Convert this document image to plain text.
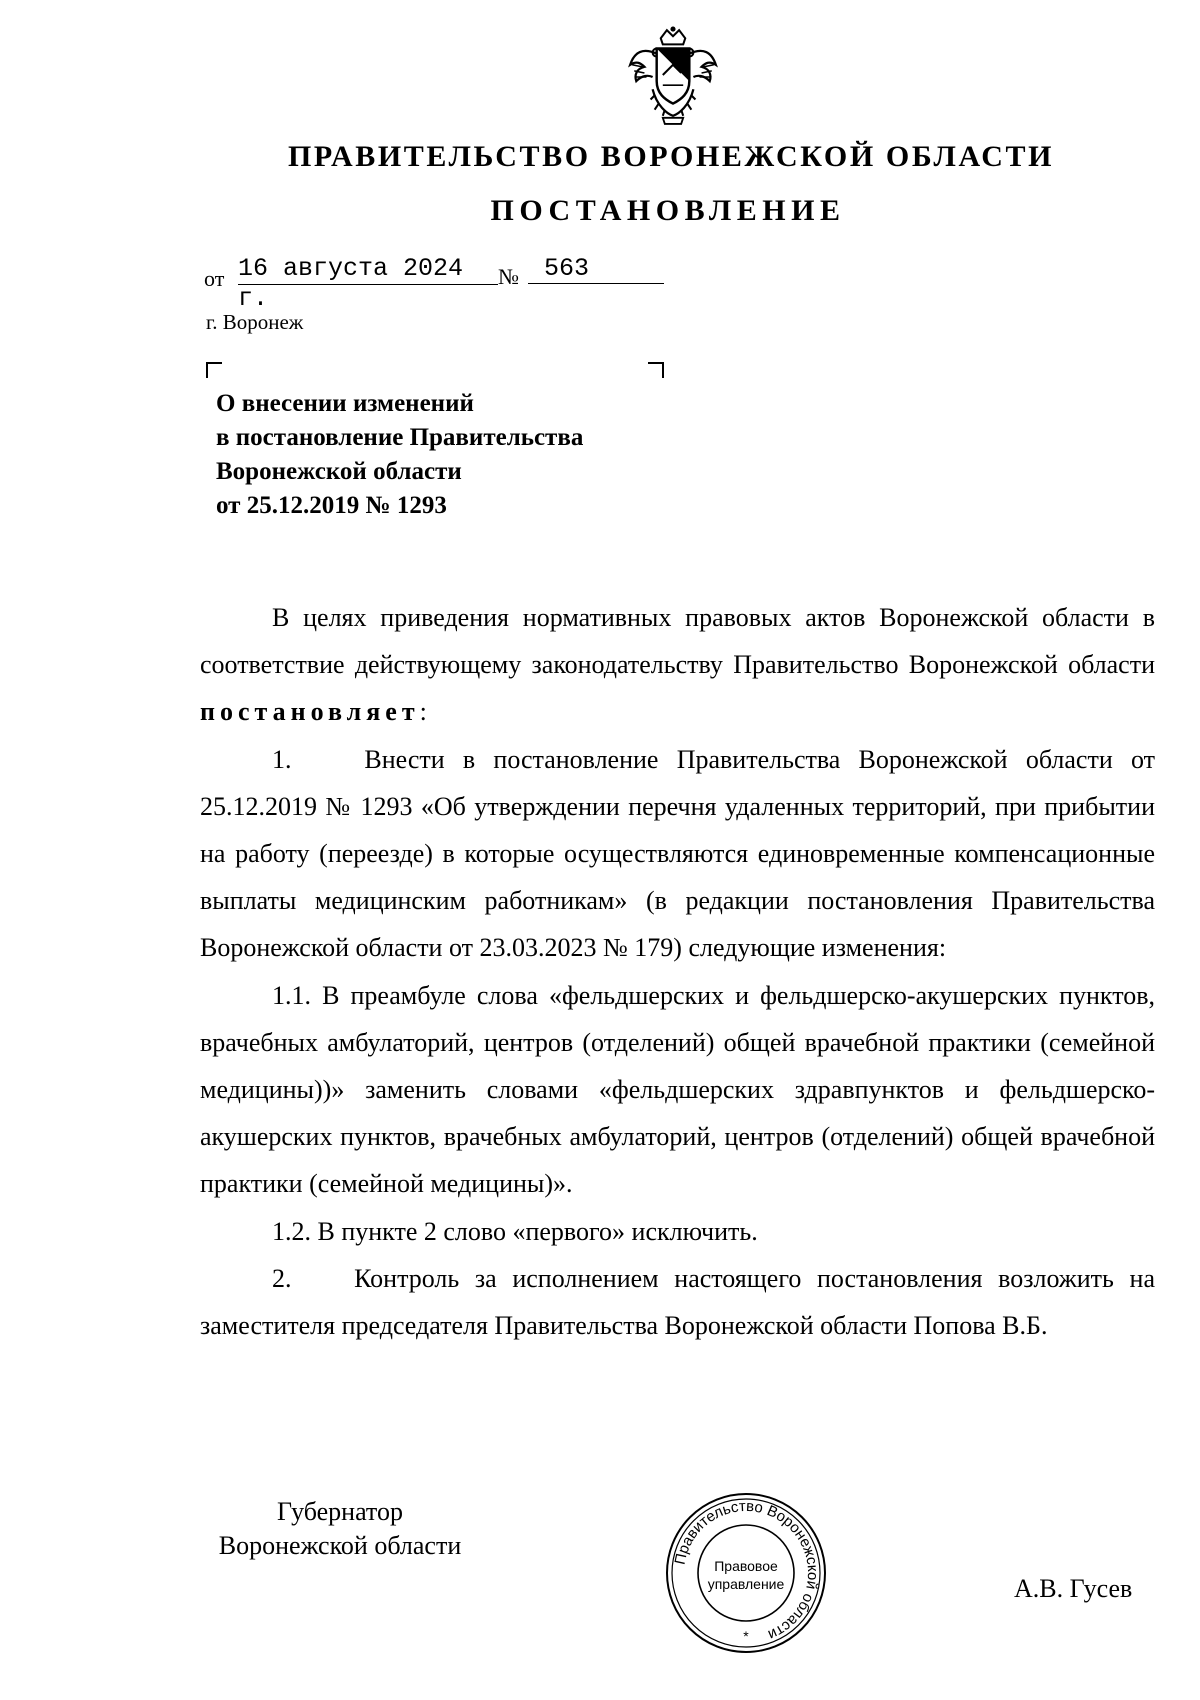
ПРАВИТЕЛЬСТВО ВОРОНЕЖСКОЙ ОБЛАСТИ
ПОСТАНОВЛЕНИЕ
от 16 августа 2024 г.
№	563
г. Воронеж
О внесении изменений
в постановление Правительства
Воронежской области
от 25.12.2019 № 1293

В целях приведения нормативных правовых актов Воронежской области в соответствие действующему законодательству Правительство Воронежской области постановляет:

1.	Внести в постановление Правительства Воронежской области от 25.12.2019 № 1293 «Об утверждении перечня удаленных территорий, при прибытии на работу (переезде) в которые осуществляются единовременные компенсационные выплаты медицинским работникам» (в редакции постановления Правительства Воронежской области от 23.03.2023 № 179) следующие изменения:

1.1. В преамбуле слова «фельдшерских и фельдшерско-акушерских пунктов, врачебных амбулаторий, центров (отделений) общей врачебной практики (семейной медицины))» заменить словами «фельдшерских здравпунктов и фельдшерско-акушерских пунктов, врачебных амбулаторий, центров (отделений) общей врачебной практики (семейной медицины)».

1.2. В пункте 2 слово «первого» исключить.

2. Контроль за исполнением настоящего постановления возложить на заместителя председателя Правительства Воронежской области Попова В.Б.

Губернатор
Воронежской области	Правительство Воронежской области
Правовое
управление
*
А.В. Гусев
